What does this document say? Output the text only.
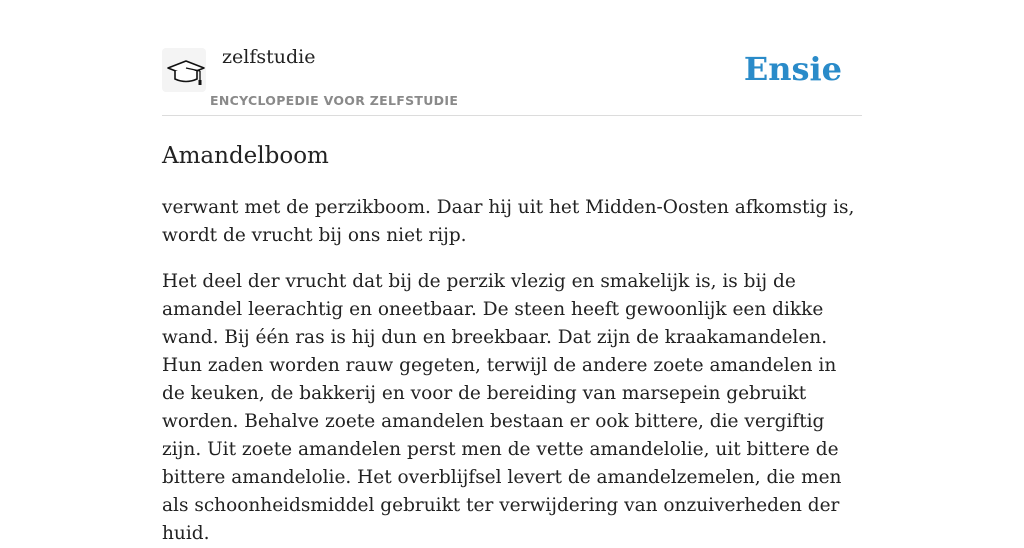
zelfstudie
ENCYCLOPEDIE VOOR ZELFSTUDIE
Ensie
Amandelboom

verwant met de perzikboom. Daar hij uit het Midden-Oosten afkomstig is, wordt de vrucht bij ons niet rijp.

Het deel der vrucht dat bij de perzik vlezig en smakelijk is, is bij de amandel leerachtig en oneetbaar. De steen heeft gewoonlijk een dikke wand. Bij één ras is hij dun en breekbaar. Dat zijn de kraakamandelen. Hun zaden worden rauw gegeten, terwijl de andere zoete amandelen in de keuken, de bakkerij en voor de bereiding van marsepein gebruikt worden. Behalve zoete amandelen bestaan er ook bittere, die vergiftig zijn. Uit zoete amandelen perst men de vette amandelolie, uit bittere de bittere amandelolie. Het overblijfsel levert de amandelzemelen, die men als schoonheidsmiddel gebruikt ter verwijdering van onzuiverheden der huid.
